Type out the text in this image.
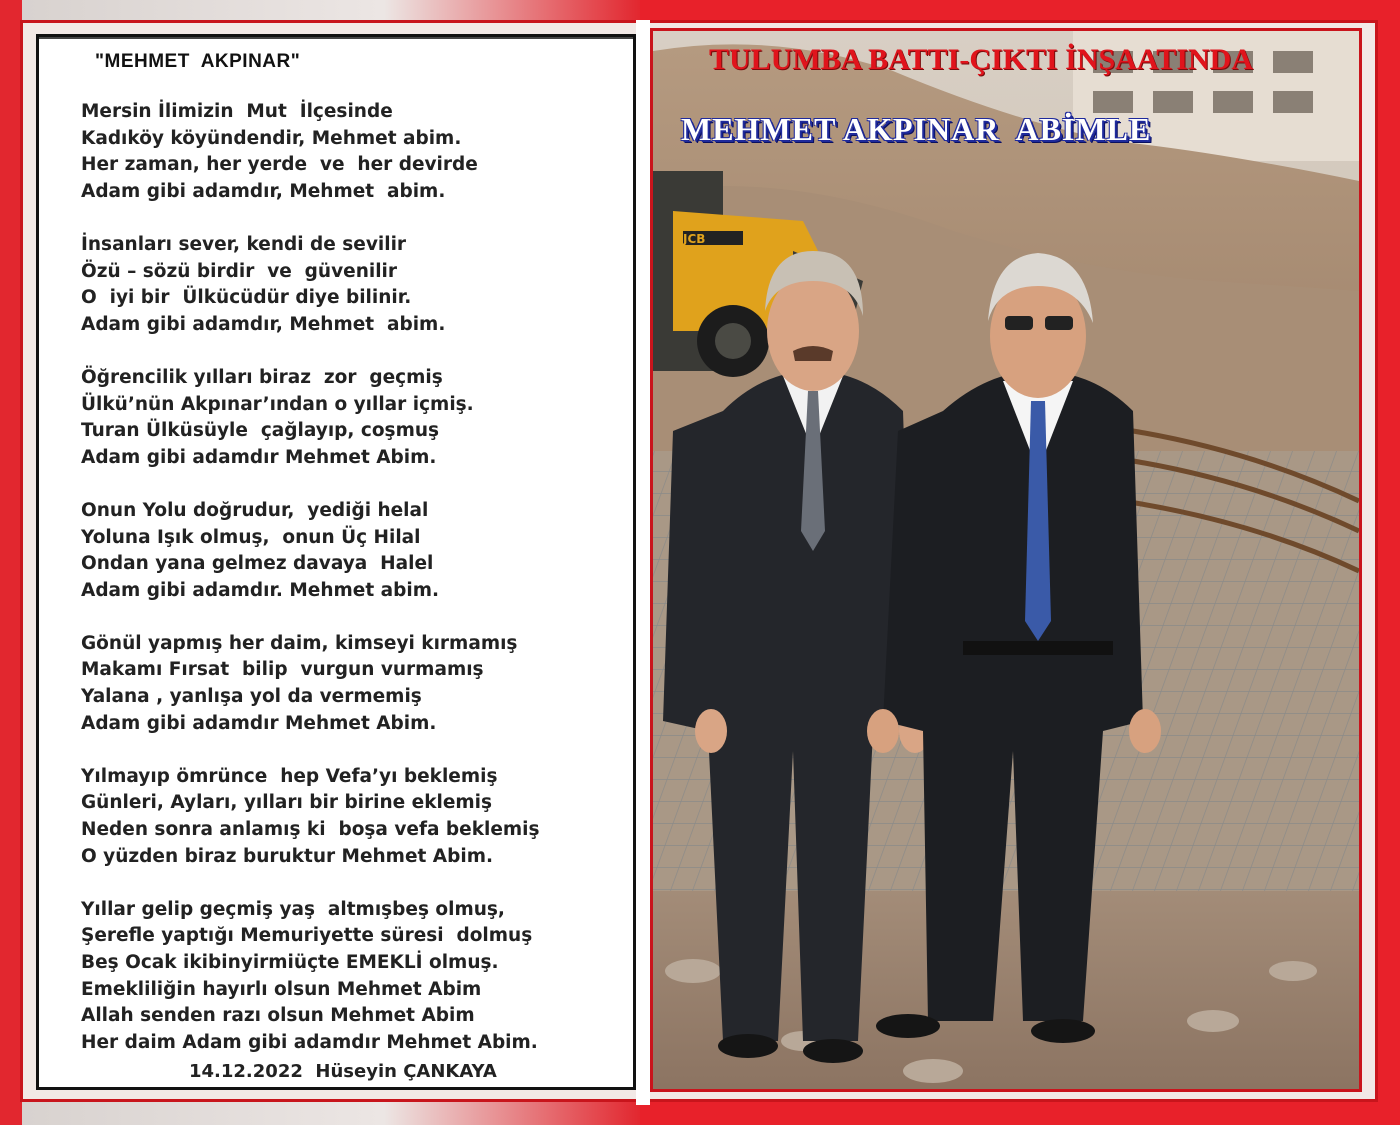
"MEHMET  AKPINAR"
Mersin İlimizin  Mut  İlçesinde
Kadıköy köyündendir, Mehmet abim.
Her zaman, her yerde  ve  her devirde
Adam gibi adamdır, Mehmet  abim.
İnsanları sever, kendi de sevilir
Özü – sözü birdir  ve  güvenilir
O  iyi bir  Ülkücüdür diye bilinir.
Adam gibi adamdır, Mehmet  abim.
Öğrencilik yılları biraz  zor  geçmiş
Ülkü’nün Akpınar’ından o yıllar içmiş.
Turan Ülküsüyle  çağlayıp, coşmuş
Adam gibi adamdır Mehmet Abim.
Onun Yolu doğrudur,  yediği helal
Yoluna Işık olmuş,  onun Üç Hilal
Ondan yana gelmez davaya  Halel
Adam gibi adamdır. Mehmet abim.
Gönül yapmış her daim, kimseyi kırmamış
Makamı Fırsat  bilip  vurgun vurmamış
Yalana , yanlışa yol da vermemiş
Adam gibi adamdır Mehmet Abim.
Yılmayıp ömrünce  hep Vefa’yı beklemiş
Günleri, Ayları, yılları bir birine eklemiş
Neden sonra anlamış ki  boşa vefa beklemiş
O yüzden biraz buruktur Mehmet Abim.
Yıllar gelip geçmiş yaş  altmışbeş olmuş,
Şerefle yaptığı Memuriyette süresi  dolmuş
Beş Ocak ikibinyirmiüçte EMEKLİ olmuş.
Emekliliğin hayırlı olsun Mehmet Abim
Allah senden razı olsun Mehmet Abim
Her daim Adam gibi adamdır Mehmet Abim.
14.12.2022  Hüseyin ÇANKAYA
JCB
TULUMBA BATTI-ÇIKTI İNŞAATINDA
MEHMET AKPINAR  ABİMLE
